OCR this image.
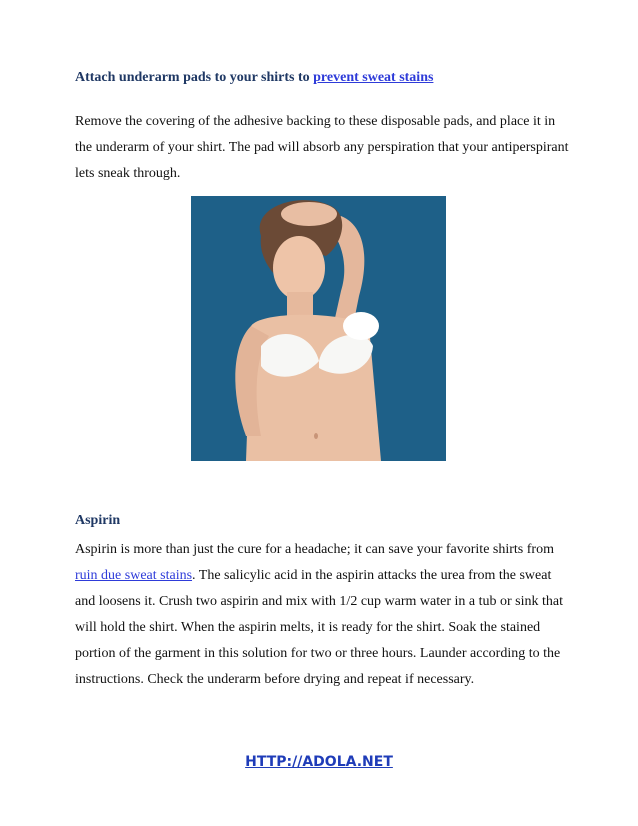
Attach underarm pads to your shirts to prevent sweat stains

Remove the covering of the adhesive backing to these disposable pads, and place it in the underarm of your shirt. The pad will absorb any perspiration that your antiperspirant lets sneak through.

Aspirin

Aspirin is more than just the cure for a headache; it can save your favorite shirts from ruin due sweat stains. The salicylic acid in the aspirin attacks the urea from the sweat and loosens it. Crush two aspirin and mix with 1/2 cup warm water in a tub or sink that will hold the shirt. When the aspirin melts, it is ready for the shirt. Soak the stained portion of the garment in this solution for two or three hours. Launder according to the instructions. Check the underarm before drying and repeat if necessary.

HTTP://ADOLA.NET
